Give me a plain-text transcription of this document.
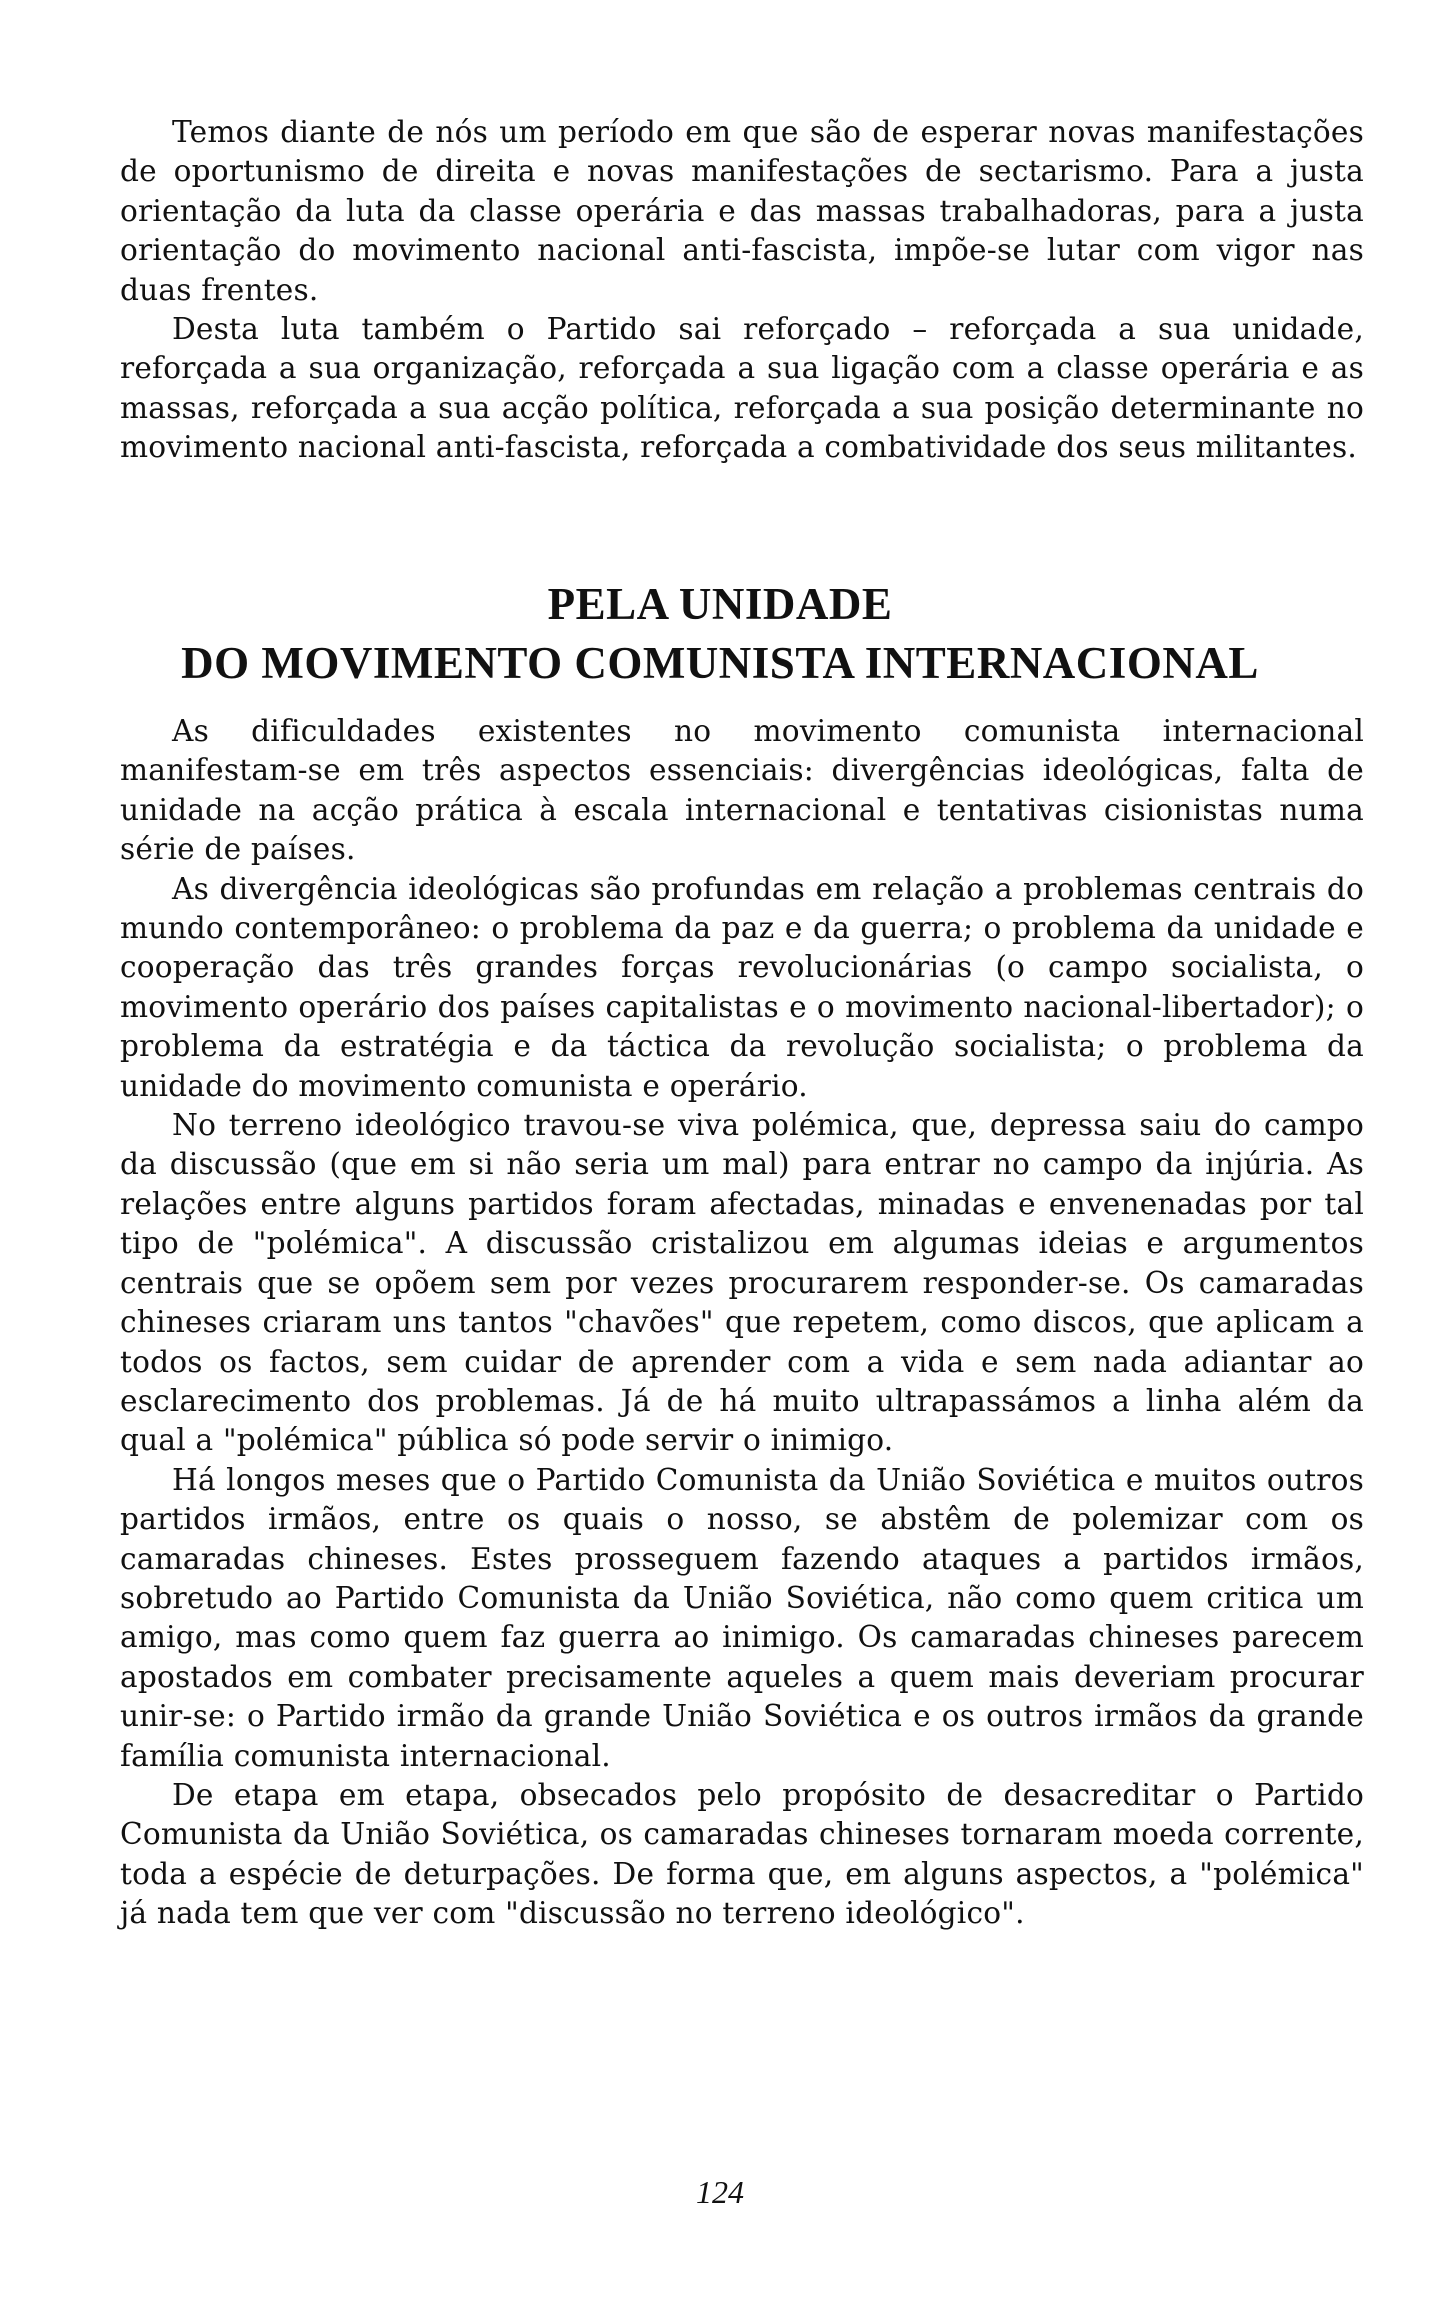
Temos diante de nós um período em que são de esperar novas manifestações de oportunismo de direita e novas manifestações de sectarismo. Para a justa orientação da luta da classe operária e das massas trabalhadoras, para a justa orientação do movimento nacional anti-fascista, impõe-se lutar com vigor nas duas frentes.

Desta luta também o Partido sai reforçado – reforçada a sua unidade, reforçada a sua organização, reforçada a sua ligação com a classe operária e as massas, reforçada a sua acção política, reforçada a sua posição determinante no movimento nacional anti-fascista, reforçada a combatividade dos seus militantes.

PELA UNIDADE
DO MOVIMENTO COMUNISTA INTERNACIONAL

As dificuldades existentes no movimento comunista internacional manifestam-se em três aspectos essenciais: divergências ideológicas, falta de unidade na acção prática à escala internacional e tentativas cisionistas numa série de países.

As divergência ideológicas são profundas em relação a problemas centrais do mundo contemporâneo: o problema da paz e da guerra; o problema da unidade e cooperação das três grandes forças revolucionárias (o campo socialista, o movimento operário dos países capitalistas e o movimento nacional-libertador); o problema da estratégia e da táctica da revolução socialista; o problema da unidade do movimento comunista e operário.

No terreno ideológico travou-se viva polémica, que, depressa saiu do campo da discussão (que em si não seria um mal) para entrar no campo da injúria. As relações entre alguns partidos foram afectadas, minadas e envenenadas por tal tipo de "polémica". A discussão cristalizou em algumas ideias e argumentos centrais que se opõem sem por vezes procurarem responder-se. Os camaradas chineses criaram uns tantos "chavões" que repetem, como discos, que aplicam a todos os factos, sem cuidar de aprender com a vida e sem nada adiantar ao esclarecimento dos problemas. Já de há muito ultrapassámos a linha além da qual a "polémica" pública só pode servir o inimigo.

Há longos meses que o Partido Comunista da União Soviética e muitos outros partidos irmãos, entre os quais o nosso, se abstêm de polemizar com os camaradas chineses. Estes prosseguem fazendo ataques a partidos irmãos, sobretudo ao Partido Comunista da União Soviética, não como quem critica um amigo, mas como quem faz guerra ao inimigo. Os camaradas chineses parecem apostados em combater precisamente aqueles a quem mais deveriam procurar unir-se: o Partido irmão da grande União Soviética e os outros irmãos da grande família comunista internacional.

De etapa em etapa, obsecados pelo propósito de desacreditar o Partido Comunista da União Soviética, os camaradas chineses tornaram moeda corrente, toda a espécie de deturpações. De forma que, em alguns aspectos, a "polémica" já nada tem que ver com "discussão no terreno ideológico".

124
